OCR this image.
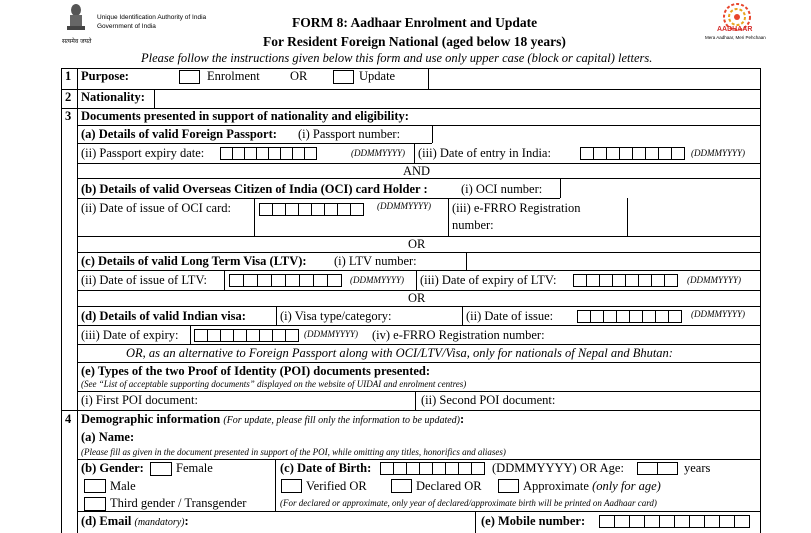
सत्यमेव जयते
Unique Identification Authority of India
Government of India	FORM 8: Aadhaar Enrolment and Update
For Resident Foreign National (aged below 18 years)
AADHAAR
Mera Aadhaar, Meri Pehchaan
Please follow the instructions given below this form and use only upper case (block or capital) letters.
1 Purpose:	Enrolment OR	Update
2 Nationality:
3 Documents presented in support of nationality and eligibility:
(a) Details of valid Foreign Passport: (i) Passport number:
(ii) Passport expiry date:	(DDMMYYYY) (iii) Date of entry in India:	(DDMMYYYY)
AND
(b) Details of valid Overseas Citizen of India (OCI) card Holder :	(i) OCI number:
(ii) Date of issue of OCI card:	(DDMMYYYY) (iii) e-FRRO Registration
number:
OR
(c) Details of valid Long Term Visa (LTV): (i) LTV number:
(ii) Date of issue of LTV:	(DDMMYYYY) (iii) Date of expiry of LTV:	(DDMMYYYY)
OR
(d) Details of valid Indian visa:	(i) Visa type/category:	(ii) Date of issue:	(DDMMYYYY)
(iii) Date of expiry:	(DDMMYYYY) (iv) e-FRRO Registration number:
OR, as an alternative to Foreign Passport along with OCI/LTV/Visa, only for nationals of Nepal and Bhutan:
(e) Types of the two Proof of Identity (POI) documents presented:
(See “List of acceptable supporting documents” displayed on the website of UIDAI and enrolment centres)
(i) First POI document:	(ii) Second POI document:
4 Demographic information (For update, please fill only the information to be updated):
(a) Name:
(Please fill as given in the document presented in support of the POI, while omitting any titles, honorifics and aliases)
(b) Gender:	Female
Male
Third gender / Transgender
(c) Date of Birth:	(DDMMYYYY) OR Age:	years
Verified OR	Declared OR	Approximate (only for age)
(For declared or approximate, only year of declared/approximate birth will be printed on Aadhaar card)
(d) Email (mandatory):	(e) Mobile number:
